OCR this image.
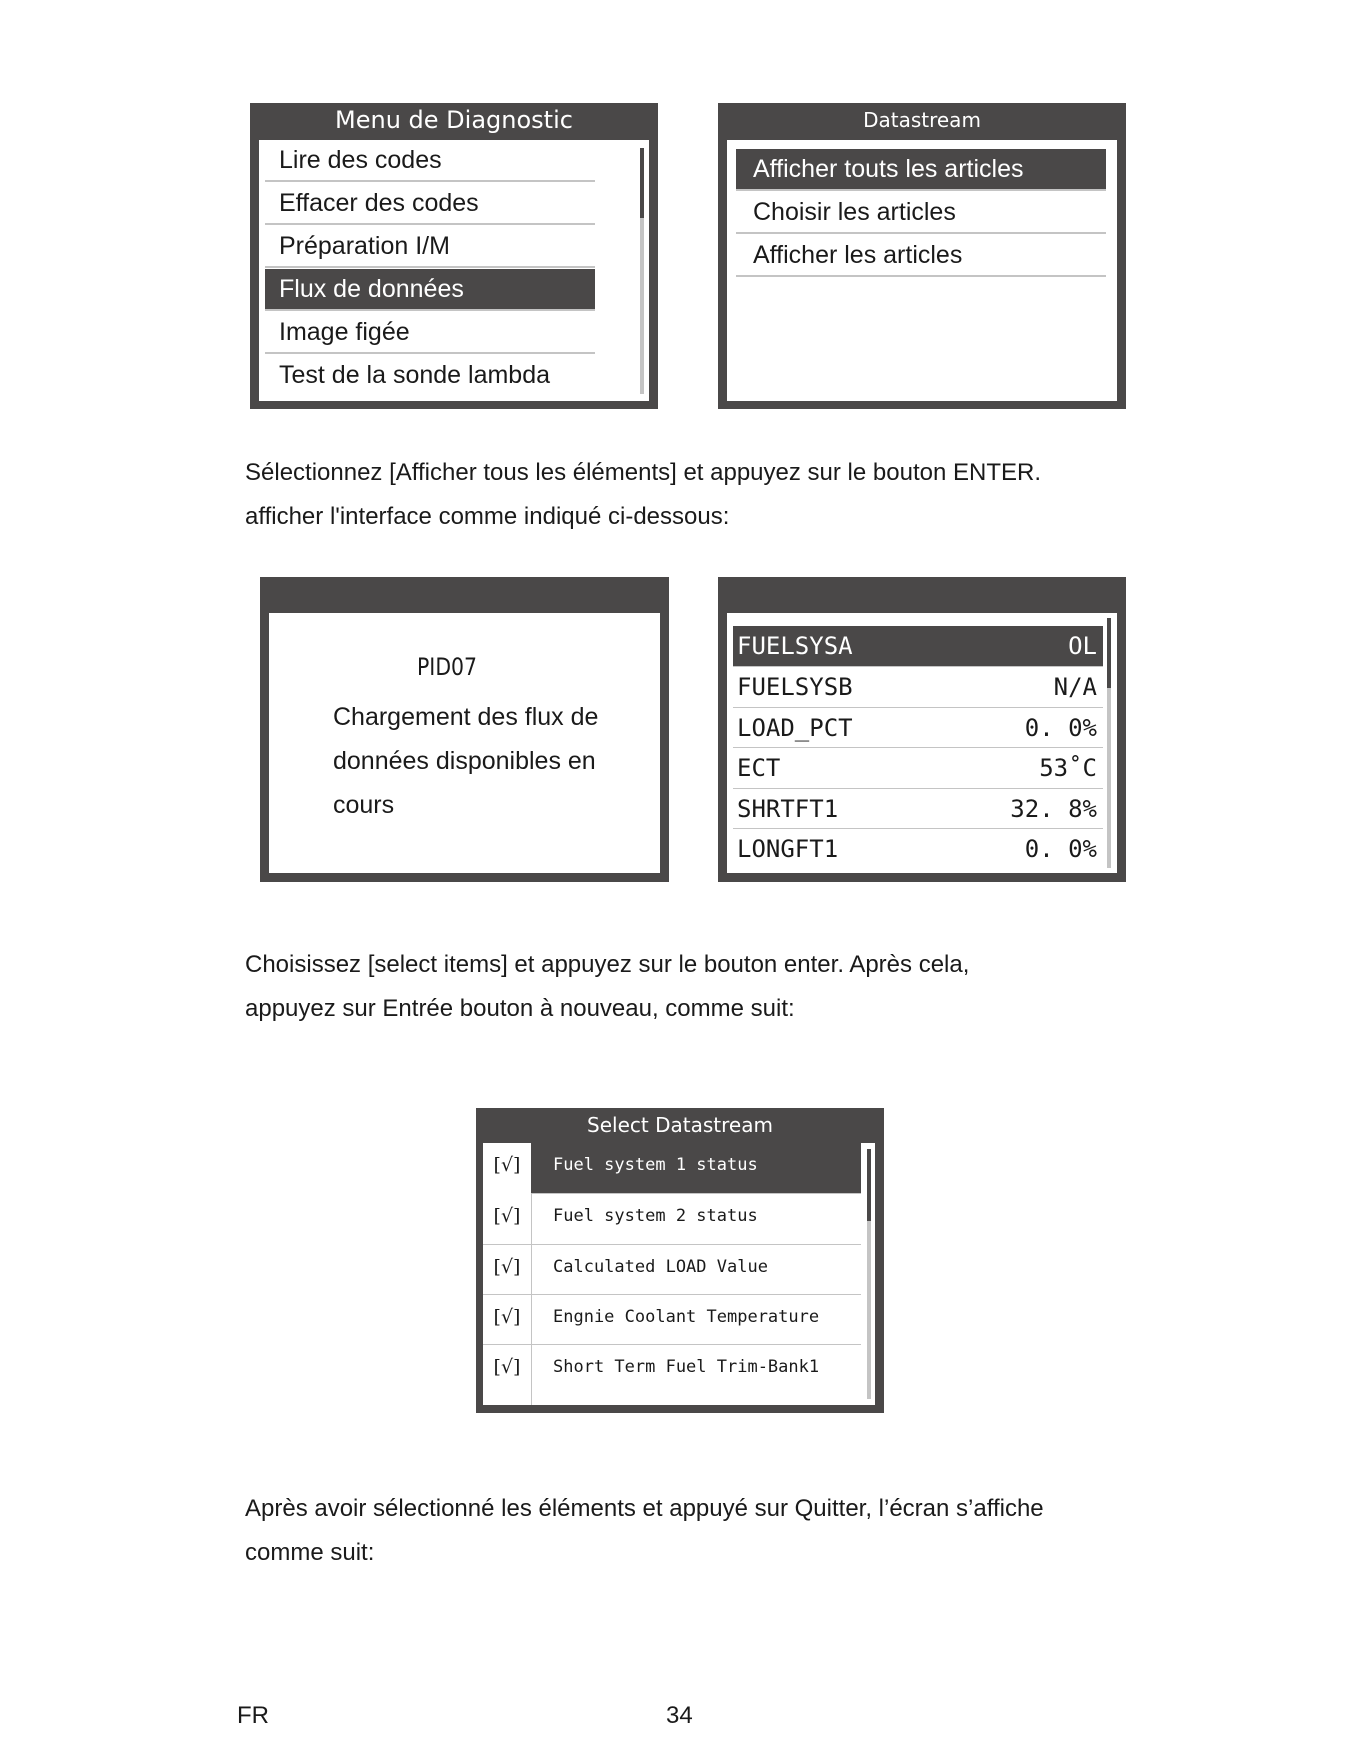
Menu de Diagnostic
Lire des codes
Effacer des codes
Préparation I/M
Flux de données
Image figée
Test de la sonde lambda
Datastream
Afficher touts les articles
Choisir les articles
Afficher les articles
Sélectionnez [Afficher tous les éléments] et appuyez sur le bouton ENTER.
afficher l'interface comme indiqué ci-dessous:
PID07
Chargement des flux de
données disponibles en
cours
FUELSYSA	OL
FUELSYSB	N/A
LOAD_PCT	0. 0%
ECT	53˚C
SHRTFT1	32. 8%
LONGFT1	0. 0%
Choisissez [select items] et appuyez sur le bouton enter. Après cela,
appuyez sur Entrée bouton à nouveau, comme suit:
Select Datastream
[√]	Fuel system 1 status
[√]	Fuel system 2 status
[√]	Calculated LOAD Value
[√]	Engnie Coolant Temperature
[√]	Short Term Fuel Trim-Bank1
Après avoir sélectionné les éléments et appuyé sur Quitter, l’écran s’affiche
comme suit:
FR	34
